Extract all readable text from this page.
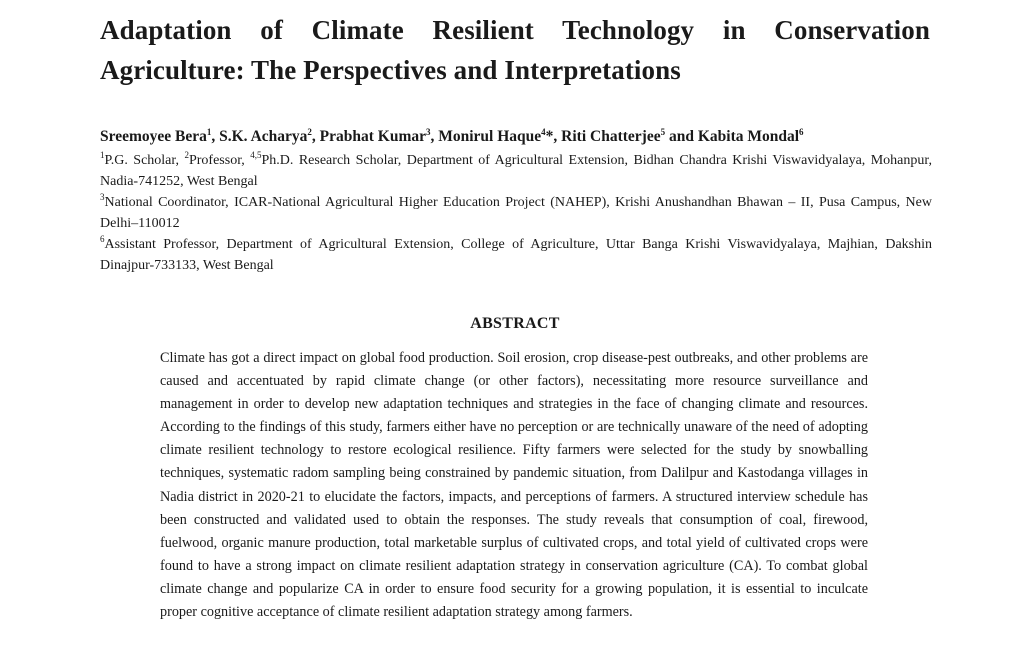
Adaptation of Climate Resilient Technology in Conservation Agriculture: The Perspectives and Interpretations

Sreemoyee Bera$^1$, S.K. Acharya$^2$, Prabhat Kumar$^3$, Monirul Haque$^4$*, Riti Chatterjee$^5$ and Kabita Mondal$^6$

$^1$P.G. Scholar, $^2$Professor, $^{4,5}$Ph.D. Research Scholar, Department of Agricultural Extension, Bidhan Chandra Krishi Viswavidyalaya, Mohanpur, Nadia-741252, West Bengal

$^3$National Coordinator, ICAR-National Agricultural Higher Education Project (NAHEP), Krishi Anushandhan Bhawan – II, Pusa Campus, New Delhi–110012

$^6$Assistant Professor, Department of Agricultural Extension, College of Agriculture, Uttar Banga Krishi Viswavidyalaya, Majhian, Dakshin Dinajpur-733133, West Bengal

ABSTRACT

Climate has got a direct impact on global food production. Soil erosion, crop disease-pest outbreaks, and other problems are caused and accentuated by rapid climate change (or other factors), necessitating more resource surveillance and management in order to develop new adaptation techniques and strategies in the face of changing climate and resources. According to the findings of this study, farmers either have no perception or are technically unaware of the need of adopting climate resilient technology to restore ecological resilience. Fifty farmers were selected for the study by snowballing techniques, systematic radom sampling being constrained by pandemic situation, from Dalilpur and Kastodanga villages in Nadia district in 2020-21 to elucidate the factors, impacts, and perceptions of farmers. A structured interview schedule has been constructed and validated used to obtain the responses. The study reveals that consumption of coal, firewood, fuelwood, organic manure production, total marketable surplus of cultivated crops, and total yield of cultivated crops were found to have a strong impact on climate resilient adaptation strategy in conservation agriculture (CA). To combat global climate change and popularize CA in order to ensure food security for a growing population, it is essential to inculcate proper cognitive acceptance of climate resilient adaptation strategy among farmers.
